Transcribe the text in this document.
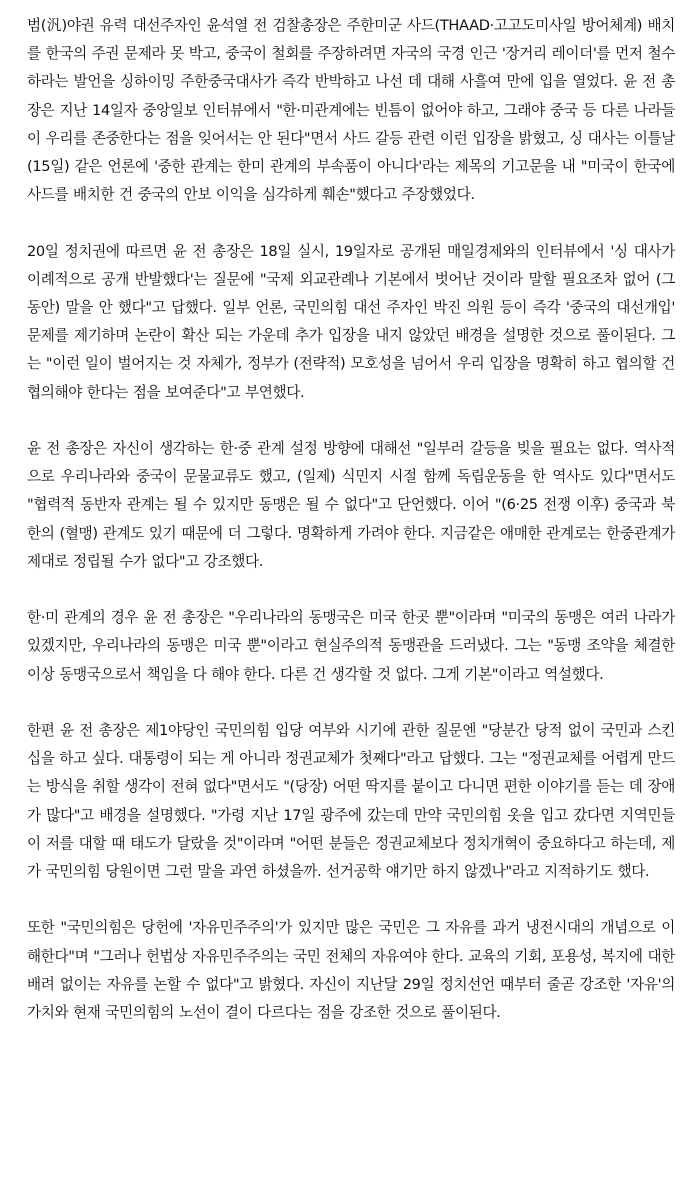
범(汎)야권 유력 대선주자인 윤석열 전 검찰총장은 주한미군 사드(THAAD·고고도미사일 방어체계) 배치를 한국의 주권 문제라 못 박고, 중국이 철회를 주장하려면 자국의 국경 인근 '장거리 레이더'를 먼저 철수하라는 발언을 싱하이밍 주한중국대사가 즉각 반박하고 나선 데 대해 사흘여 만에 입을 열었다. 윤 전 총장은 지난 14일자 중앙일보 인터뷰에서 "한·미관계에는 빈틈이 없어야 하고, 그래야 중국 등 다른 나라들이 우리를 존중한다는 점을 잊어서는 안 된다"면서 사드 갈등 관련 이런 입장을 밝혔고, 싱 대사는 이틀날(15일) 같은 언론에 '중한 관계는 한미 관계의 부속품이 아니다'라는 제목의 기고문을 내 "미국이 한국에 사드를 배치한 건 중국의 안보 이익을 심각하게 훼손"했다고 주장했었다.

20일 정치권에 따르면 윤 전 총장은 18일 실시, 19일자로 공개된 매일경제와의 인터뷰에서 '싱 대사가 이례적으로 공개 반발했다'는 질문에 "국제 외교관례나 기본에서 벗어난 것이라 말할 필요조차 없어 (그동안) 말을 안 했다"고 답했다. 일부 언론, 국민의힘 대선 주자인 박진 의원 등이 즉각 '중국의 대선개입' 문제를 제기하며 논란이 확산 되는 가운데 추가 입장을 내지 않았던 배경을 설명한 것으로 풀이된다. 그는 "이런 일이 벌어지는 것 자체가, 정부가 (전략적) 모호성을 넘어서 우리 입장을 명확히 하고 협의할 건 협의해야 한다는 점을 보여준다"고 부연했다.

윤 전 총장은 자신이 생각하는 한·중 관계 설정 방향에 대해선 "일부러 갈등을 빚을 필요는 없다. 역사적으로 우리나라와 중국이 문물교류도 했고, (일제) 식민지 시절 함께 독립운동을 한 역사도 있다"면서도 "협력적 동반자 관계는 될 수 있지만 동맹은 될 수 없다"고 단언했다. 이어 "(6·25 전쟁 이후) 중국과 북한의 (혈맹) 관계도 있기 때문에 더 그렇다. 명확하게 가려야 한다. 지금같은 애매한 관계로는 한중관계가 제대로 정립될 수가 없다"고 강조했다.

한·미 관계의 경우 윤 전 총장은 "우리나라의 동맹국은 미국 한곳 뿐"이라며 "미국의 동맹은 여러 나라가 있겠지만, 우리나라의 동맹은 미국 뿐"이라고 현실주의적 동맹관을 드러냈다. 그는 "동맹 조약을 체결한 이상 동맹국으로서 책임을 다 해야 한다. 다른 건 생각할 것 없다. 그게 기본"이라고 역설했다.

한편 윤 전 총장은 제1야당인 국민의힘 입당 여부와 시기에 관한 질문엔 "당분간 당적 없이 국민과 스킨십을 하고 싶다. 대통령이 되는 게 아니라 정권교체가 첫째다"라고 답했다. 그는 "정권교체를 어렵게 만드는 방식을 취할 생각이 전혀 없다"면서도 "(당장) 어떤 딱지를 붙이고 다니면 편한 이야기를 듣는 데 장애가 많다"고 배경을 설명했다. "가령 지난 17일 광주에 갔는데 만약 국민의힘 옷을 입고 갔다면 지역민들이 저를 대할 때 태도가 달랐을 것"이라며 "어떤 분들은 정권교체보다 정치개혁이 중요하다고 하는데, 제가 국민의힘 당원이면 그런 말을 과연 하셨을까. 선거공학 얘기만 하지 않겠나"라고 지적하기도 했다.

또한 "국민의힘은 당헌에 '자유민주주의'가 있지만 많은 국민은 그 자유를 과거 냉전시대의 개념으로 이해한다"며 "그러나 헌법상 자유민주주의는 국민 전체의 자유여야 한다. 교육의 기회, 포용성, 복지에 대한 배려 없이는 자유를 논할 수 없다"고 밝혔다. 자신이 지난달 29일 정치선언 때부터 줄곧 강조한 '자유'의 가치와 현재 국민의힘의 노선이 결이 다르다는 점을 강조한 것으로 풀이된다.
